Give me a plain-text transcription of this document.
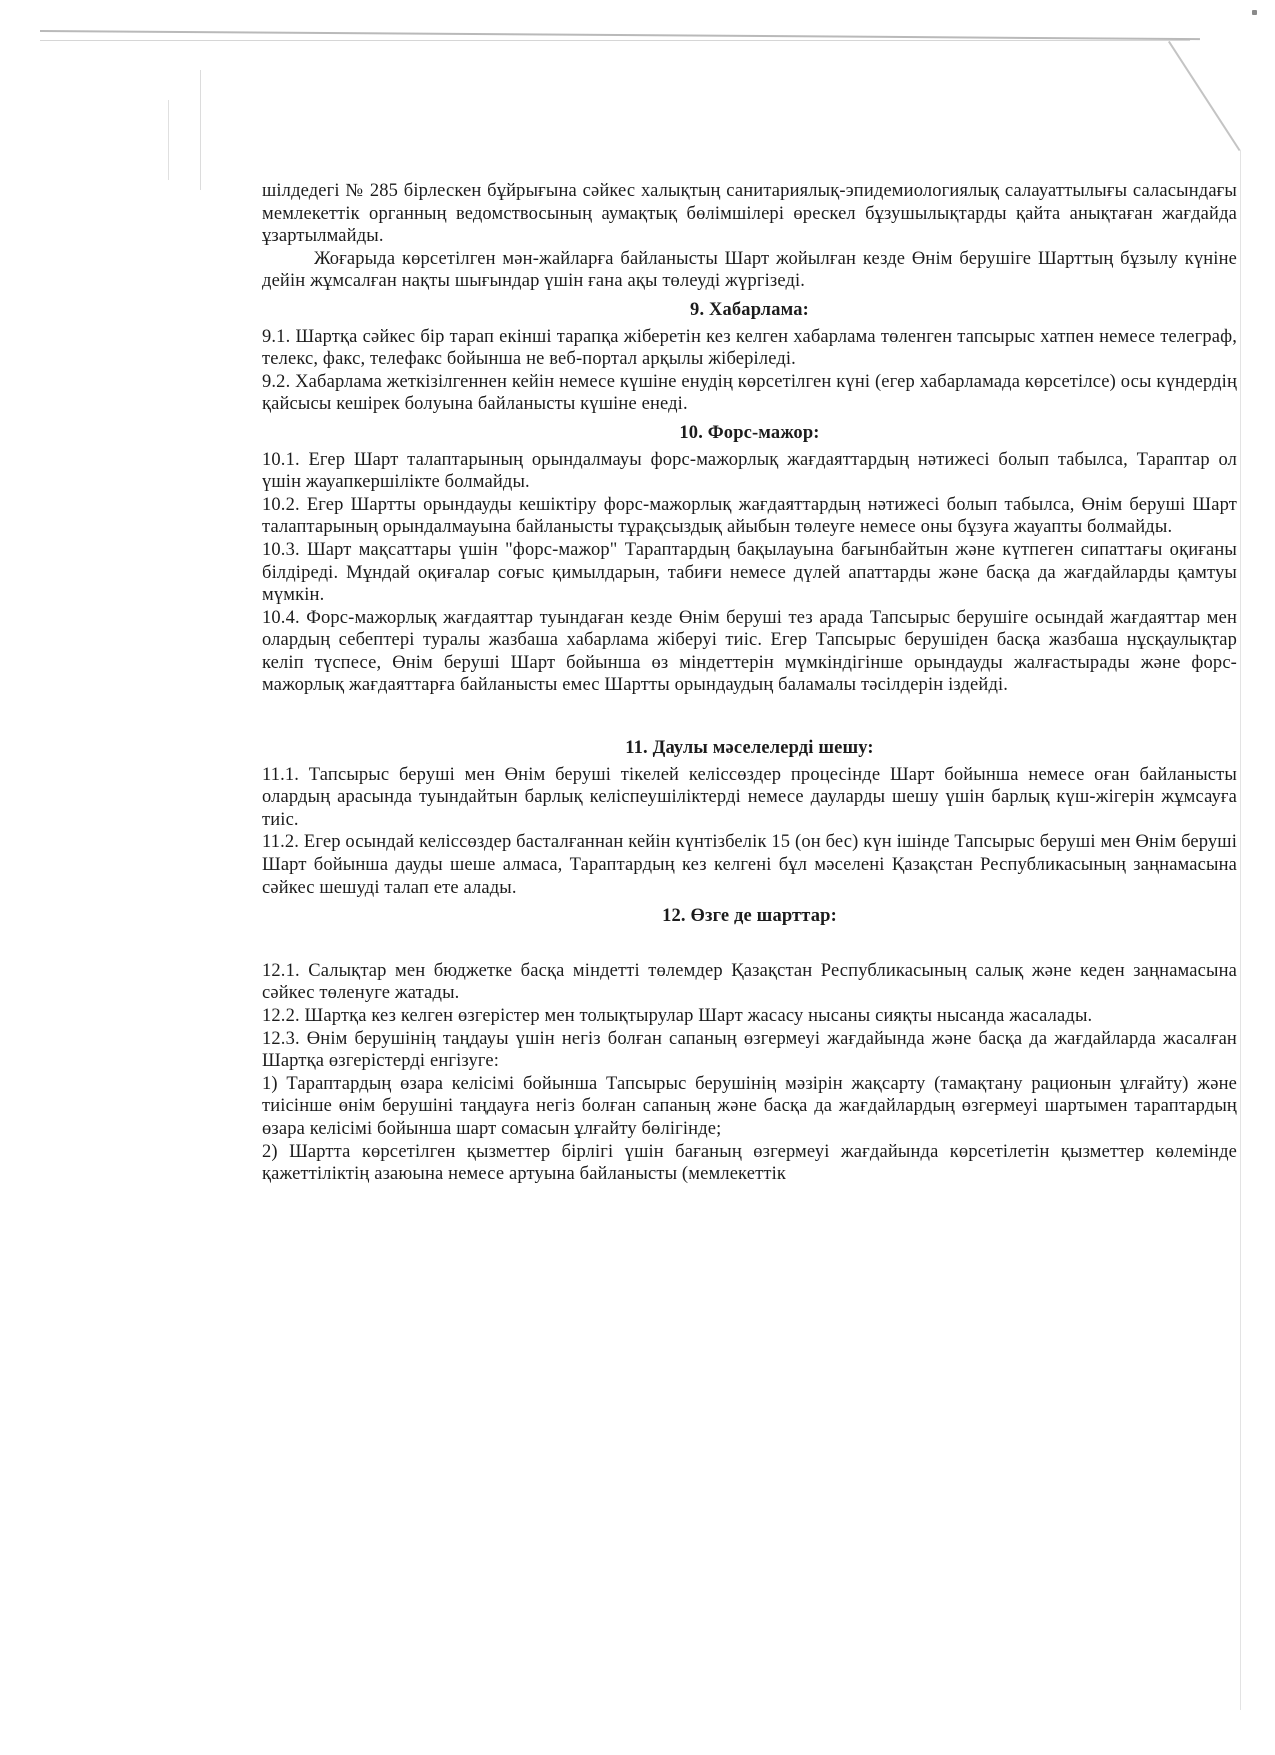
шілдедегі № 285 бірлескен бұйрығына сәйкес халықтың санитариялық-эпидемиологиялық салауаттылығы саласындағы мемлекеттік органның ведомствосының аумақтық бөлімшілері өрескел бұзушылықтарды қайта анықтаған жағдайда ұзартылмайды.

Жоғарыда көрсетілген мән-жайларға байланысты Шарт жойылған кезде Өнім берушіге Шарттың бұзылу күніне дейін жұмсалған нақты шығындар үшін ғана ақы төлеуді жүргізеді.

9. Хабарлама:

9.1. Шартқа сәйкес бір тарап екінші тарапқа жіберетін кез келген хабарлама төленген тапсырыс хатпен немесе телеграф, телекс, факс, телефакс бойынша не веб-портал арқылы жіберіледі.

9.2. Хабарлама жеткізілгеннен кейін немесе күшіне енудің көрсетілген күні (егер хабарламада көрсетілсе) осы күндердің қайсысы кешірек болуына байланысты күшіне енеді.

10. Форс-мажор:

10.1. Егер Шарт талаптарының орындалмауы форс-мажорлық жағдаяттардың нәтижесі болып табылса, Тараптар ол үшін жауапкершілікте болмайды.

10.2. Егер Шартты орындауды кешіктіру форс-мажорлық жағдаяттардың нәтижесі болып табылса, Өнім беруші Шарт талаптарының орындалмауына байланысты тұрақсыздық айыбын төлеуге немесе оны бұзуға жауапты болмайды.

10.3. Шарт мақсаттары үшін "форс-мажор" Тараптардың бақылауына бағынбайтын және күтпеген сипаттағы оқиғаны білдіреді. Мұндай оқиғалар соғыс қимылдарын, табиғи немесе дүлей апаттарды және басқа да жағдайларды қамтуы мүмкін.

10.4. Форс-мажорлық жағдаяттар туындаған кезде Өнім беруші тез арада Тапсырыс берушіге осындай жағдаяттар мен олардың себептері туралы жазбаша хабарлама жіберуі тиіс. Егер Тапсырыс берушіден басқа жазбаша нұсқаулықтар келіп түспесе, Өнім беруші Шарт бойынша өз міндеттерін мүмкіндігінше орындауды жалғастырады және форс-мажорлық жағдаяттарға байланысты емес Шартты орындаудың баламалы тәсілдерін іздейді.

11. Даулы мәселелерді шешу:

11.1. Тапсырыс беруші мен Өнім беруші тікелей келіссөздер процесінде Шарт бойынша немесе оған байланысты олардың арасында туындайтын барлық келіспеушіліктерді немесе дауларды шешу үшін барлық күш-жігерін жұмсауға тиіс.

11.2. Егер осындай келіссөздер басталғаннан кейін күнтізбелік 15 (он бес) күн ішінде Тапсырыс беруші мен Өнім беруші Шарт бойынша дауды шеше алмаса, Тараптардың кез келгені бұл мәселені Қазақстан Республикасының заңнамасына сәйкес шешуді талап ете алады.

12. Өзге де шарттар:

12.1. Салықтар мен бюджетке басқа міндетті төлемдер Қазақстан Республикасының салық және кеден заңнамасына сәйкес төленуге жатады.

12.2. Шартқа кез келген өзгерістер мен толықтырулар Шарт жасасу нысаны сияқты нысанда жасалады.

12.3. Өнім берушінің таңдауы үшін негіз болған сапаның өзгермеуі жағдайында және басқа да жағдайларда жасалған Шартқа өзгерістерді енгізуге:

1) Тараптардың өзара келісімі бойынша Тапсырыс берушінің мәзірін жақсарту (тамақтану рационын ұлғайту) және тиісінше өнім берушіні таңдауға негіз болған сапаның және басқа да жағдайлардың өзгермеуі шартымен тараптардың өзара келісімі бойынша шарт сомасын ұлғайту бөлігінде;

2) Шартта көрсетілген қызметтер бірлігі үшін бағаның өзгермеуі жағдайында көрсетілетін қызметтер көлемінде қажеттіліктің азаюына немесе артуына байланысты (мемлекеттік
